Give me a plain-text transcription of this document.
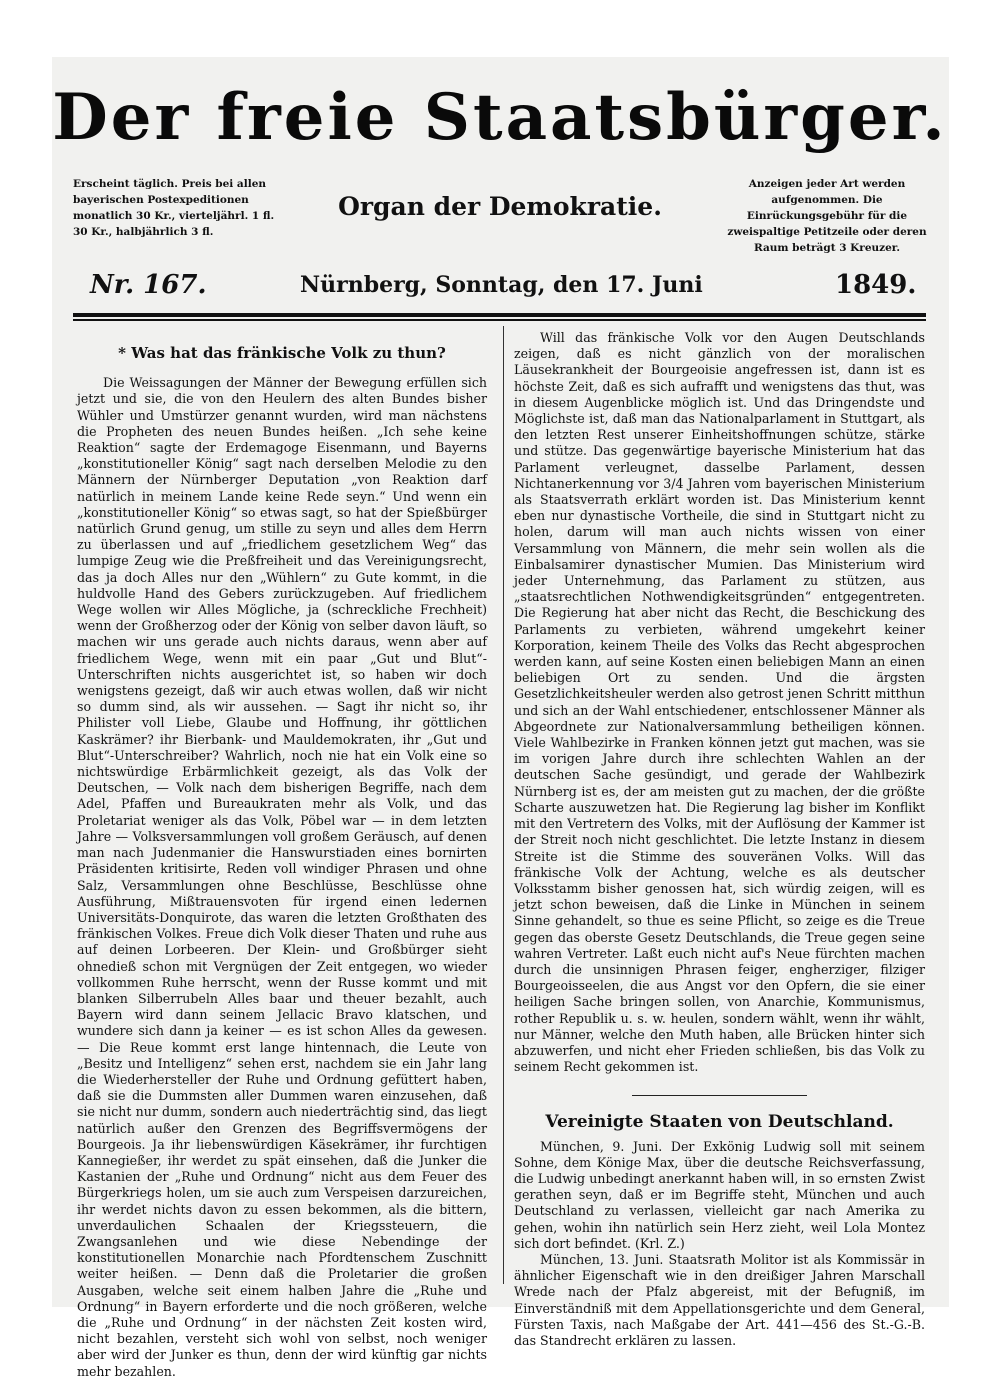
Der freie Staatsbürger.
Erscheint täglich. Preis bei allen bayerischen Postexpeditionen monatlich 30 Kr., vierteljährl. 1 fl. 30 Kr., halbjährlich 3 fl.
Organ der Demokratie.
Anzeigen jeder Art werden aufgenommen. Die Einrückungsgebühr für die zweispaltige Petitzeile oder deren Raum beträgt 3 Kreuzer.
Nr. 167.	Nürnberg, Sonntag, den 17. Juni	1849.
* Was hat das fränkische Volk zu thun?

Die Weissagungen der Männer der Bewegung erfüllen sich jetzt und sie, die von den Heulern des alten Bundes bisher Wühler und Umstürzer genannt wurden, wird man nächstens die Propheten des neuen Bundes heißen. „Ich sehe keine Reaktion“ sagte der Erdemagoge Eisenmann, und Bayerns „konstitutioneller König“ sagt nach derselben Melodie zu den Männern der Nürnberger Deputation „von Reaktion darf natürlich in meinem Lande keine Rede seyn.“ Und wenn ein „konstitutioneller König“ so etwas sagt, so hat der Spießbürger natürlich Grund genug, um stille zu seyn und alles dem Herrn zu überlassen und auf „friedlichem gesetzlichem Weg“ das lumpige Zeug wie die Preßfreiheit und das Vereinigungsrecht, das ja doch Alles nur den „Wühlern“ zu Gute kommt, in die huldvolle Hand des Gebers zurückzugeben. Auf friedlichem Wege wollen wir Alles Mögliche, ja (schreckliche Frechheit) wenn der Großherzog oder der König von selber davon läuft, so machen wir uns gerade auch nichts daraus, wenn aber auf friedlichem Wege, wenn mit ein paar „Gut und Blut“-Unterschriften nichts ausgerichtet ist, so haben wir doch wenigstens gezeigt, daß wir auch etwas wollen, daß wir nicht so dumm sind, als wir aussehen. — Sagt ihr nicht so, ihr Philister voll Liebe, Glaube und Hoffnung, ihr göttlichen Kaskrämer? ihr Bierbank- und Mauldemokraten, ihr „Gut und Blut“-Unterschreiber? Wahrlich, noch nie hat ein Volk eine so nichtswürdige Erbärmlichkeit gezeigt, als das Volk der Deutschen, — Volk nach dem bisherigen Begriffe, nach dem Adel, Pfaffen und Bureaukraten mehr als Volk, und das Proletariat weniger als das Volk, Pöbel war — in dem letzten Jahre — Volksversammlungen voll großem Geräusch, auf denen man nach Judenmanier die Hanswurstiaden eines bornirten Präsidenten kritisirte, Reden voll windiger Phrasen und ohne Salz, Versammlungen ohne Beschlüsse, Beschlüsse ohne Ausführung, Mißtrauensvoten für irgend einen ledernen Universitäts-Donquirote, das waren die letzten Großthaten des fränkischen Volkes. Freue dich Volk dieser Thaten und ruhe aus auf deinen Lorbeeren. Der Klein- und Großbürger sieht ohnedieß schon mit Vergnügen der Zeit entgegen, wo wieder vollkommen Ruhe herrscht, wenn der Russe kommt und mit blanken Silberrubeln Alles baar und theuer bezahlt, auch Bayern wird dann seinem Jellacic Bravo klatschen, und wundere sich dann ja keiner — es ist schon Alles da gewesen. — Die Reue kommt erst lange hintennach, die Leute von „Besitz und Intelligenz“ sehen erst, nachdem sie ein Jahr lang die Wiederhersteller der Ruhe und Ordnung gefüttert haben, daß sie die Dummsten aller Dummen waren einzusehen, daß sie nicht nur dumm, sondern auch niederträchtig sind, das liegt natürlich außer den Grenzen des Begriffsvermögens der Bourgeois. Ja ihr liebenswürdigen Käsekrämer, ihr furchtigen Kannegießer, ihr werdet zu spät einsehen, daß die Junker die Kastanien der „Ruhe und Ordnung“ nicht aus dem Feuer des Bürgerkriegs holen, um sie auch zum Verspeisen darzureichen, ihr werdet nichts davon zu essen bekommen, als die bittern, unverdaulichen Schaalen der Kriegssteuern, die Zwangsanlehen und wie diese Nebendinge der konstitutionellen Monarchie nach Pfordtenschem Zuschnitt weiter heißen. — Denn daß die Proletarier die großen Ausgaben, welche seit einem halben Jahre die „Ruhe und Ordnung“ in Bayern erforderte und die noch größeren, welche die „Ruhe und Ordnung“ in der nächsten Zeit kosten wird, nicht bezahlen, versteht sich wohl von selbst, noch weniger aber wird der Junker es thun, denn der wird künftig gar nichts mehr bezahlen.

Will das fränkische Volk vor den Augen Deutschlands zeigen, daß es nicht gänzlich von der moralischen Läusekrankheit der Bourgeoisie angefressen ist, dann ist es höchste Zeit, daß es sich aufrafft und wenigstens das thut, was in diesem Augenblicke möglich ist. Und das Dringendste und Möglichste ist, daß man das Nationalparlament in Stuttgart, als den letzten Rest unserer Einheitshoffnungen schütze, stärke und stütze. Das gegenwärtige bayerische Ministerium hat das Parlament verleugnet, dasselbe Parlament, dessen Nichtanerkennung vor 3/4 Jahren vom bayerischen Ministerium als Staatsverrath erklärt worden ist. Das Ministerium kennt eben nur dynastische Vortheile, die sind in Stuttgart nicht zu holen, darum will man auch nichts wissen von einer Versammlung von Männern, die mehr sein wollen als die Einbalsamirer dynastischer Mumien. Das Ministerium wird jeder Unternehmung, das Parlament zu stützen, aus „staatsrechtlichen Nothwendigkeitsgründen“ entgegentreten. Die Regierung hat aber nicht das Recht, die Beschickung des Parlaments zu verbieten, während umgekehrt keiner Korporation, keinem Theile des Volks das Recht abgesprochen werden kann, auf seine Kosten einen beliebigen Mann an einen beliebigen Ort zu senden. Und die ärgsten Gesetzlichkeitsheuler werden also getrost jenen Schritt mitthun und sich an der Wahl entschiedener, entschlossener Männer als Abgeordnete zur Nationalversammlung betheiligen können. Viele Wahlbezirke in Franken können jetzt gut machen, was sie im vorigen Jahre durch ihre schlechten Wahlen an der deutschen Sache gesündigt, und gerade der Wahlbezirk Nürnberg ist es, der am meisten gut zu machen, der die größte Scharte auszuwetzen hat. Die Regierung lag bisher im Konflikt mit den Vertretern des Volks, mit der Auflösung der Kammer ist der Streit noch nicht geschlichtet. Die letzte Instanz in diesem Streite ist die Stimme des souveränen Volks. Will das fränkische Volk der Achtung, welche es als deutscher Volksstamm bisher genossen hat, sich würdig zeigen, will es jetzt schon beweisen, daß die Linke in München in seinem Sinne gehandelt, so thue es seine Pflicht, so zeige es die Treue gegen das oberste Gesetz Deutschlands, die Treue gegen seine wahren Vertreter. Laßt euch nicht auf's Neue fürchten machen durch die unsinnigen Phrasen feiger, engherziger, filziger Bourgeoisseelen, die aus Angst vor den Opfern, die sie einer heiligen Sache bringen sollen, von Anarchie, Kommunismus, rother Republik u. s. w. heulen, sondern wählt, wenn ihr wählt, nur Männer, welche den Muth haben, alle Brücken hinter sich abzuwerfen, und nicht eher Frieden schließen, bis das Volk zu seinem Recht gekommen ist.

Vereinigte Staaten von Deutschland.

München, 9. Juni. Der Exkönig Ludwig soll mit seinem Sohne, dem Könige Max, über die deutsche Reichsverfassung, die Ludwig unbedingt anerkannt haben will, in so ernsten Zwist gerathen seyn, daß er im Begriffe steht, München und auch Deutschland zu verlassen, vielleicht gar nach Amerika zu gehen, wohin ihn natürlich sein Herz zieht, weil Lola Montez sich dort befindet. (Krl. Z.)

München, 13. Juni. Staatsrath Molitor ist als Kommissär in ähnlicher Eigenschaft wie in den dreißiger Jahren Marschall Wrede nach der Pfalz abgereist, mit der Befugniß, im Einverständniß mit dem Appellationsgerichte und dem General, Fürsten Taxis, nach Maßgabe der Art. 441—456 des St.-G.-B. das Standrecht erklären zu lassen.
